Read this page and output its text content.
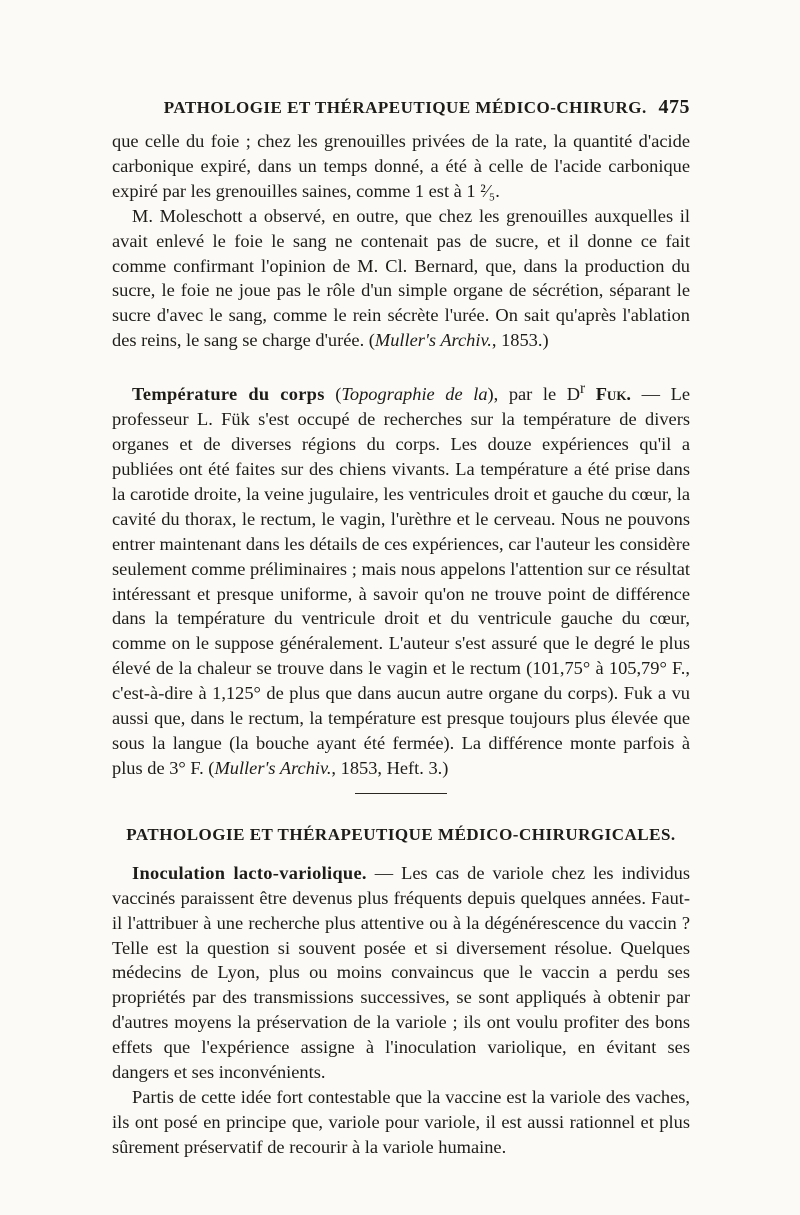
PATHOLOGIE ET THÉRAPEUTIQUE MÉDICO-CHIRURG. 475

que celle du foie ; chez les grenouilles privées de la rate, la quantité d'acide carbonique expiré, dans un temps donné, a été à celle de l'acide carbonique expiré par les grenouilles saines, comme 1 est à 1 ²⁄₅.

M. Moleschott a observé, en outre, que chez les grenouilles auxquelles il avait enlevé le foie le sang ne contenait pas de sucre, et il donne ce fait comme confirmant l'opinion de M. Cl. Bernard, que, dans la production du sucre, le foie ne joue pas le rôle d'un simple organe de sécrétion, séparant le sucre d'avec le sang, comme le rein sécrète l'urée. On sait qu'après l'ablation des reins, le sang se charge d'urée. (Muller's Archiv., 1853.)

Température du corps (Topographie de la), par le $D^r$ Fuk. — Le professeur L. Fük s'est occupé de recherches sur la température de divers organes et de diverses régions du corps. Les douze expériences qu'il a publiées ont été faites sur des chiens vivants. La température a été prise dans la carotide droite, la veine jugulaire, les ventricules droit et gauche du cœur, la cavité du thorax, le rectum, le vagin, l'urèthre et le cerveau. Nous ne pouvons entrer maintenant dans les détails de ces expériences, car l'auteur les considère seulement comme préliminaires ; mais nous appelons l'attention sur ce résultat intéressant et presque uniforme, à savoir qu'on ne trouve point de différence dans la température du ventricule droit et du ventricule gauche du cœur, comme on le suppose généralement. L'auteur s'est assuré que le degré le plus élevé de la chaleur se trouve dans le vagin et le rectum (101,75° à 105,79° F., c'est-à-dire à 1,125° de plus que dans aucun autre organe du corps). Fuk a vu aussi que, dans le rectum, la température est presque toujours plus élevée que sous la langue (la bouche ayant été fermée). La différence monte parfois à plus de 3° F. (Muller's Archiv., 1853, Heft. 3.)

PATHOLOGIE ET THÉRAPEUTIQUE MÉDICO-CHIRURGICALES.

Inoculation lacto-variolique. — Les cas de variole chez les individus vaccinés paraissent être devenus plus fréquents depuis quelques années. Faut-il l'attribuer à une recherche plus attentive ou à la dégénérescence du vaccin ? Telle est la question si souvent posée et si diversement résolue. Quelques médecins de Lyon, plus ou moins convaincus que le vaccin a perdu ses propriétés par des transmissions successives, se sont appliqués à obtenir par d'autres moyens la préservation de la variole ; ils ont voulu profiter des bons effets que l'expérience assigne à l'inoculation variolique, en évitant ses dangers et ses inconvénients.

Partis de cette idée fort contestable que la vaccine est la variole des vaches, ils ont posé en principe que, variole pour variole, il est aussi rationnel et plus sûrement préservatif de recourir à la variole humaine.
